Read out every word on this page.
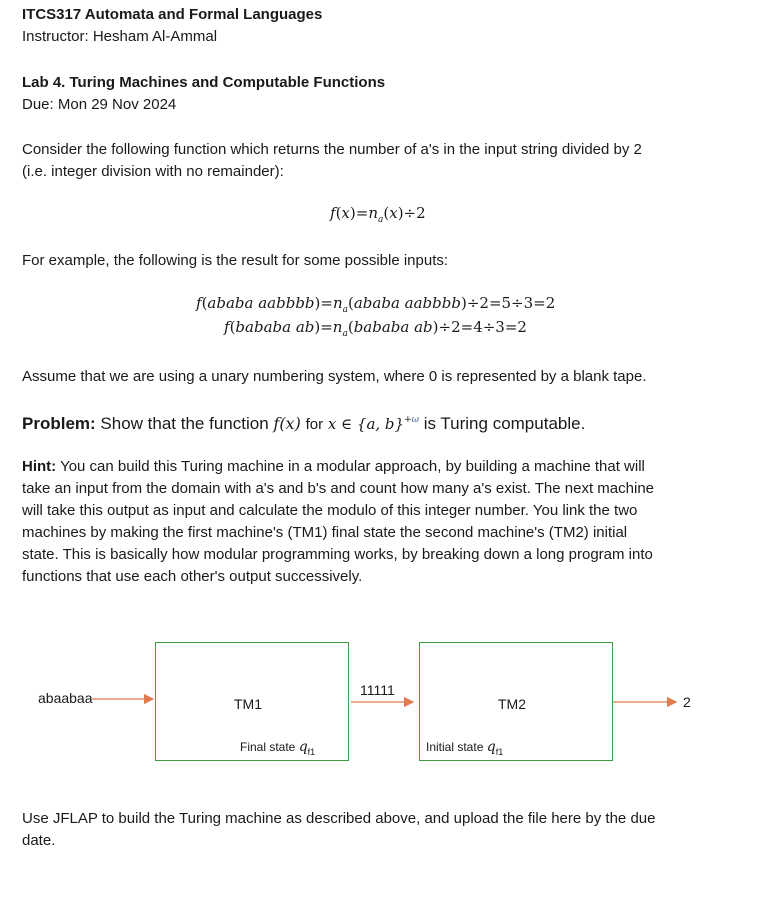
ITCS317 Automata and Formal Languages
Instructor: Hesham Al-Ammal
Lab 4. Turing Machines and Computable Functions
Due: Mon 29 Nov 2024
Consider the following function which returns the number of a's in the input string divided by 2
(i.e. integer division with no remainder):
$f(x)=n_a(x)\div 2$
For example, the following is the result for some possible inputs:
f(ababa $aabbbb)=n_a(ababa$ aabbbb)÷2=5÷3=2
f(bababa $ab)=n_a(bababa$ ab)÷2=4÷3=2
Assume that we are using a unary numbering system, where 0 is represented by a blank tape.
Problem: Show that the function f(x) for x ∈ {a, b}$^{+\omega}$ is Turing computable.
Hint: You can build this Turing machine in a modular approach, by building a machine that will
take an input from the domain with a's and b's and count how many a's exist. The next machine
will take this output as input and calculate the modulo of this integer number. You link the two
machines by making the first machine's (TM1) final state the second machine's (TM2) initial
state. This is basically how modular programming works, by breaking down a long program into
functions that use each other's output successively.
abaabaa	TM1
Final state $q_{f1}$
11111
TM2
Initial state $q_{f1}$
2
Use JFLAP to build the Turing machine as described above, and upload the file here by the due
date.
